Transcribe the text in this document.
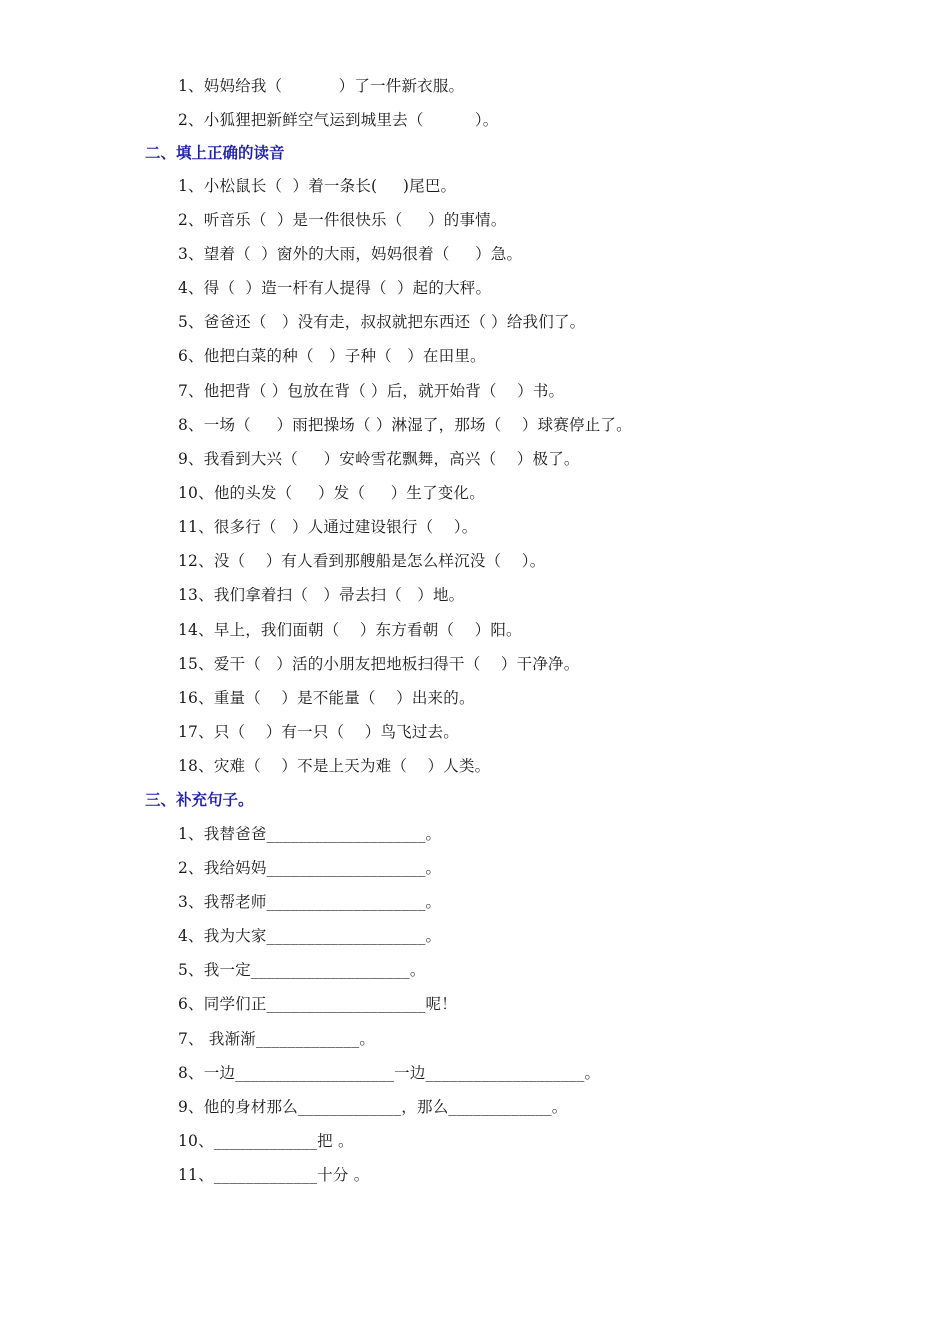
1、妈妈给我（           ）了一件新衣服。
2、小狐狸把新鲜空气运到城里去（          ）。
二、填上正确的读音
1、小松鼠长（  ）着一条长(     )尾巴。
2、听音乐（  ）是一件很快乐（     ）的事情。
3、望着（  ）窗外的大雨，妈妈很着（     ）急。
4、得（  ）造一杆有人提得（  ）起的大秤。
5、爸爸还（   ）没有走，叔叔就把东西还（ ）给我们了。
6、他把白菜的种（   ）子种（   ）在田里。
7、他把背（ ）包放在背（ ）后，就开始背（    ）书。
8、一场（     ）雨把操场（ ）淋湿了，那场（    ）球赛停止了。
9、我看到大兴（     ）安岭雪花飘舞，高兴（    ）极了。
10、他的头发（     ）发（     ）生了变化。
11、很多行（   ）人通过建设银行（    ）。
12、没（    ）有人看到那艘船是怎么样沉没（    ）。
13、我们拿着扫（   ）帚去扫（   ）地。
14、早上，我们面朝（    ）东方看朝（    ）阳。
15、爱干（   ）活的小朋友把地板扫得干（    ）干净净。
16、重量（    ）是不能量（    ）出来的。
17、只（    ）有一只（    ）鸟飞过去。
18、灾难（    ）不是上天为难（    ）人类。
三、补充句子。
1、我替爸爸____________________。
2、我给妈妈____________________。
3、我帮老师____________________。
4、我为大家____________________。
5、我一定____________________。
6、同学们正____________________呢！
7、 我渐渐_____________。
8、一边____________________一边____________________。
9、他的身材那么_____________，那么_____________。
10、_____________把 。
11、_____________十分 。
